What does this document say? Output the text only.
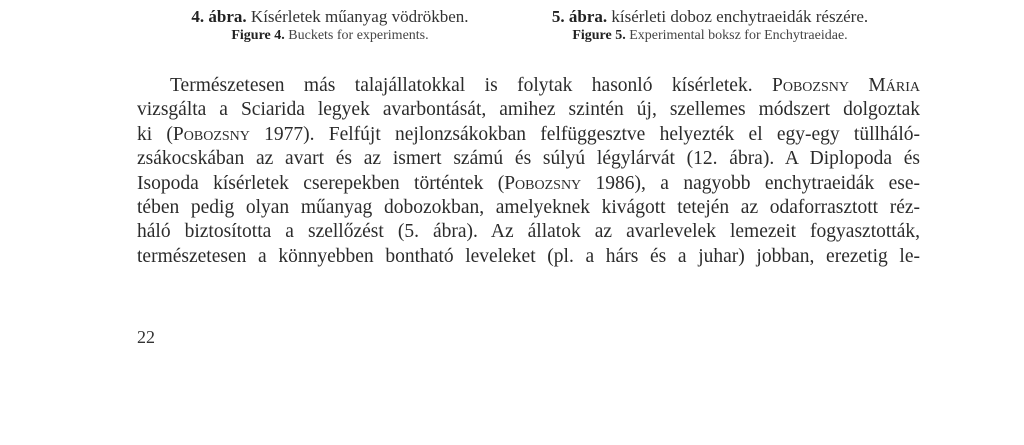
4. ábra. Kísérletek műanyag vödrökben.
Figure 4. Buckets for experiments.
5. ábra. kísérleti doboz enchytraeidák részére.
Figure 5. Experimental boksz for Enchytraeidae.
Természetesen más talajállatokkal is folytak hasonló kísérletek. Pobozsny Mária
vizsgálta a Sciarida legyek avarbontását, amihez szintén új, szellemes módszert dolgoztak
ki (Pobozsny 1977). Felfújt nejlonzsákokban felfüggesztve helyezték el egy-egy tüllháló-
zsákocskában az avart és az ismert számú és súlyú légylárvát (12. ábra). A Diplopoda és
Isopoda kísérletek cserepekben történtek (Pobozsny 1986), a nagyobb enchytraeidák ese-
tében pedig olyan műanyag dobozokban, amelyeknek kivágott tetején az odaforrasztott réz-
háló biztosította a szellőzést (5. ábra). Az állatok az avarlevelek lemezeit fogyasztották,
természetesen a könnyebben bontható leveleket (pl. a hárs és a juhar) jobban, erezetig le-
22
